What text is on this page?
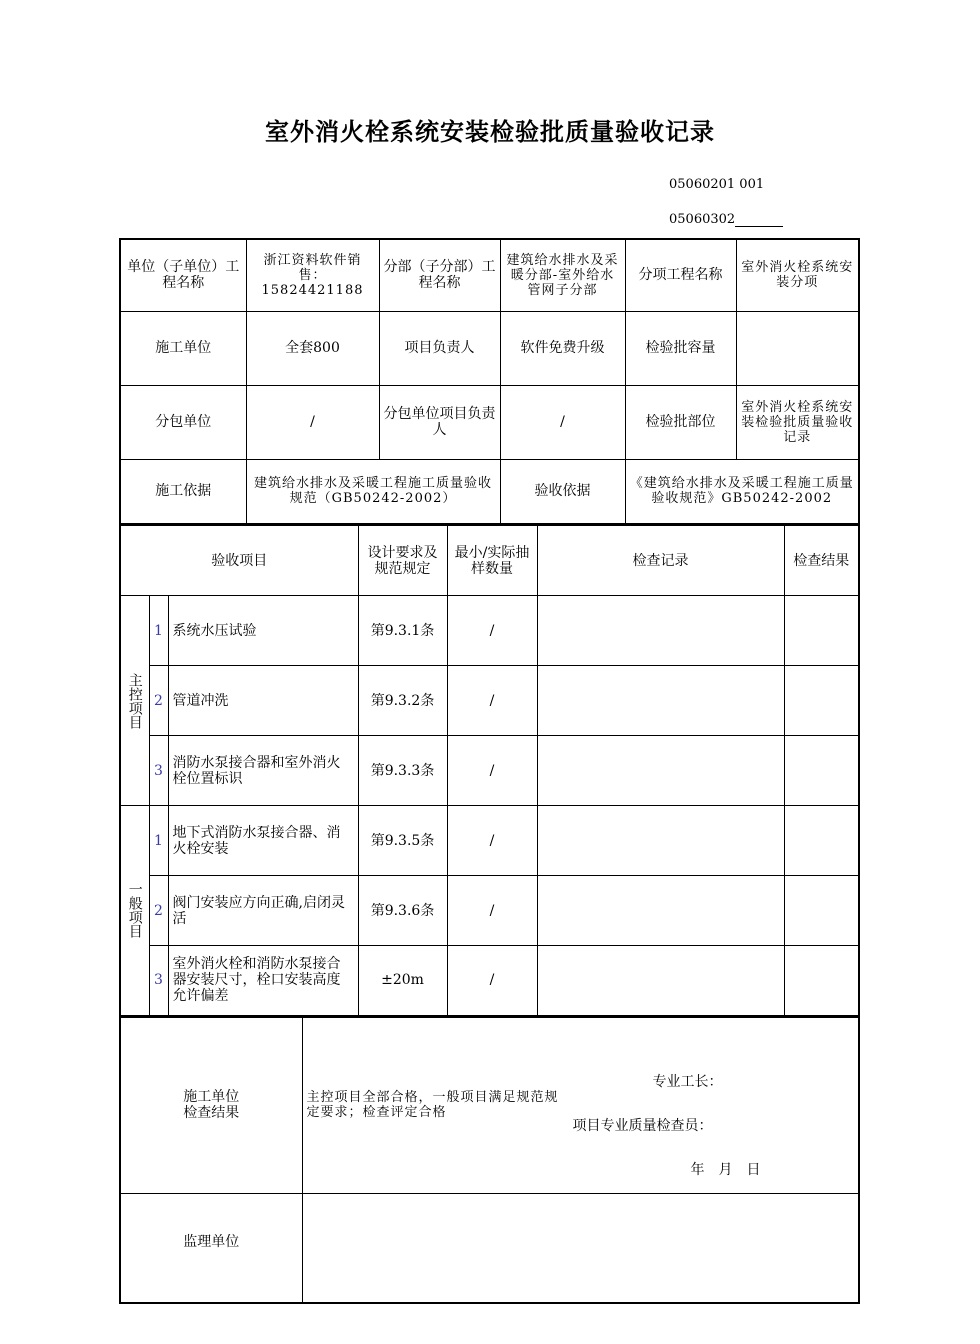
室外消火栓系统安装检验批质量验收记录
05060201 001
05060302
单位（子单位）工程名称	浙江资料软件销售：15824421188	分部（子分部）工程名称	建筑给水排水及采暖分部-室外给水管网子分部	分项工程名称	室外消火栓系统安装分项
施工单位	全套800	项目负责人	软件免费升级	检验批容量	
分包单位	/	分包单位项目负责人	/	检验批部位	室外消火栓系统安装检验批质量验收记录
施工依据	建筑给水排水及采暖工程施工质量验收规范（GB50242-2002）		验收依据	《建筑给水排水及采暖工程施工质量验收规范》GB50242-2002	
验收项目			设计要求及规范规定	最小/实际抽样数量	检查记录	检查结果
主控项目	1	系统水压试验	第9.3.1条	/		
	2	管道冲洗	第9.3.2条	/		
	3	消防水泵接合器和室外消火栓位置标识	第9.3.3条	/		
一般项目	1	地下式消防水泵接合器、消火栓安装	第9.3.5条	/		
	2	阀门安装应方向正确,启闭灵活	第9.3.6条	/		
	3	室外消火栓和消防水泵接合器安装尺寸，栓口安装高度允许偏差	±20m	/		
施工单位检查结果	主控项目全部合格，一般项目满足规范规定要求；检查评定合格
专业工长：
项目专业质量检查员：
年　月　日

监理单位	
